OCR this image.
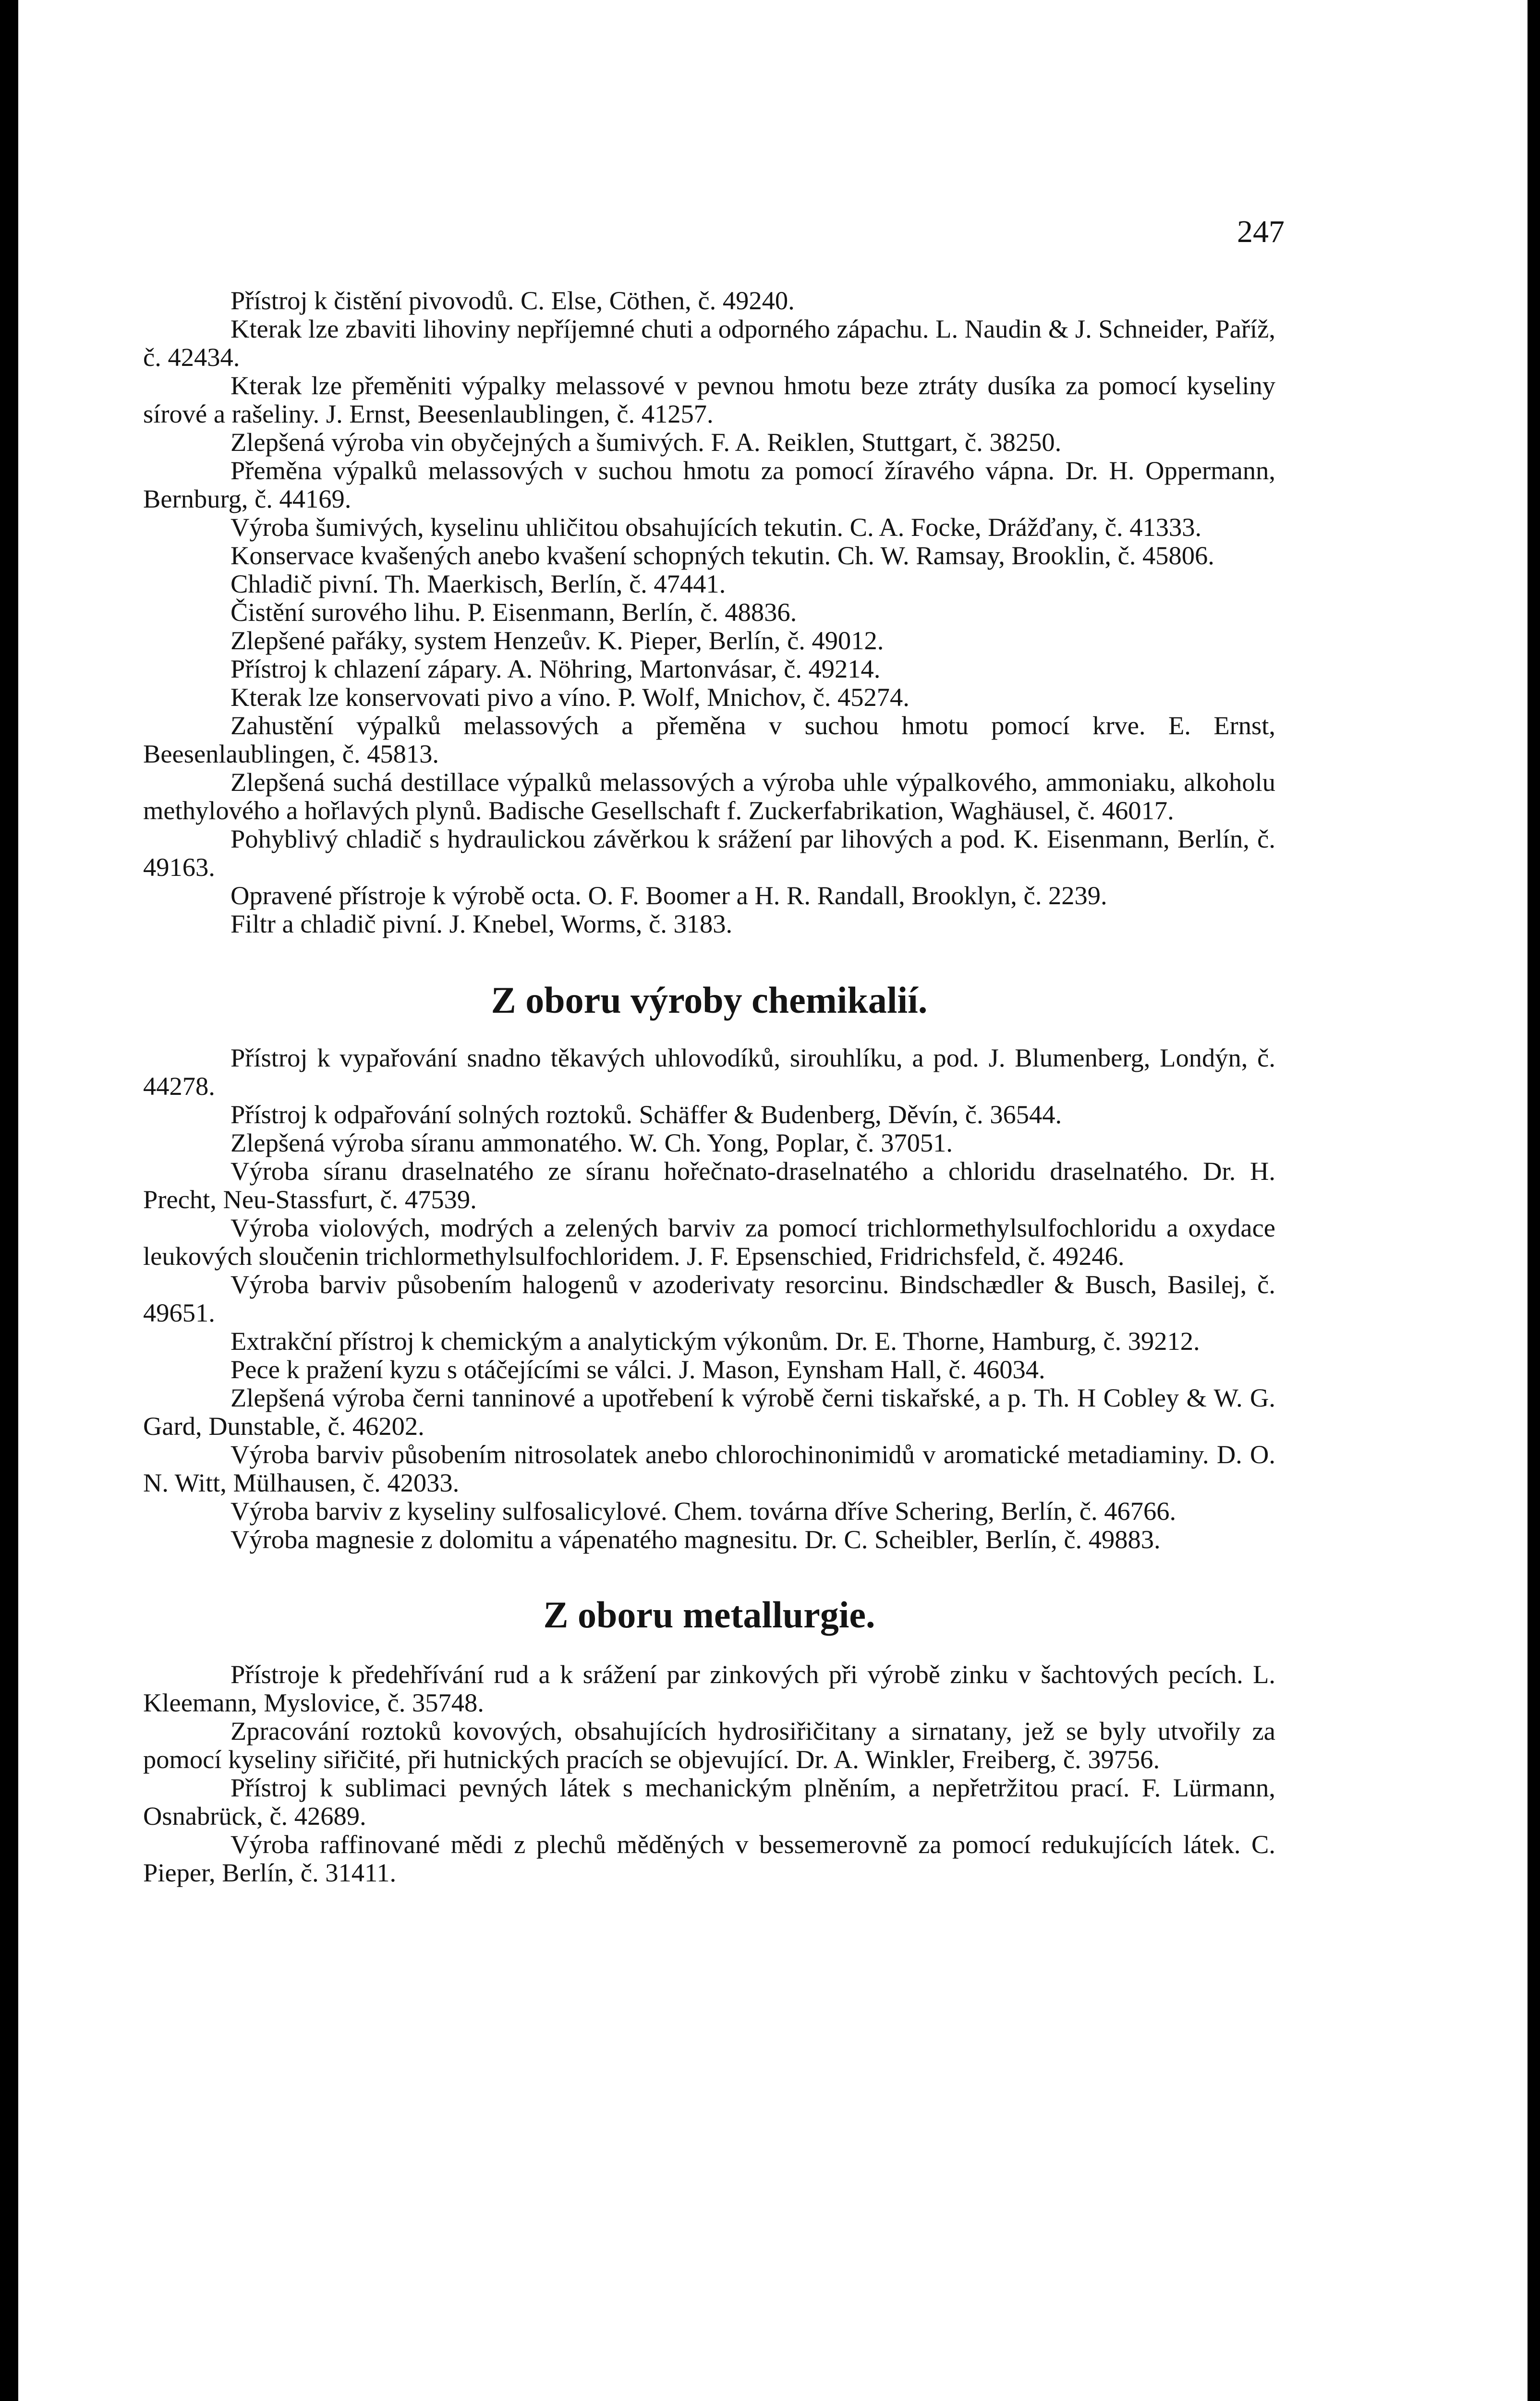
247

Přístroj k čistění pivovodů. C. Else, Cöthen, č. 49240.

Kterak lze zbaviti lihoviny nepříjemné chuti a odporného zápachu. L. Naudin & J. Schneider, Paříž, č. 42434.

Kterak lze přeměniti výpalky melassové v pevnou hmotu beze ztráty dusíka za pomocí kyseliny sírové a rašeliny. J. Ernst, Beesenlaublingen, č. 41257.

Zlepšená výroba vin obyčejných a šumivých. F. A. Reiklen, Stuttgart, č. 38250.

Přeměna výpalků melassových v suchou hmotu za pomocí žíravého vápna. Dr. H. Oppermann, Bernburg, č. 44169.

Výroba šumivých, kyselinu uhličitou obsahujících tekutin. C. A. Focke, Drážďany, č. 41333.

Konservace kvašených anebo kvašení schopných tekutin. Ch. W. Ramsay, Brooklin, č. 45806.

Chladič pivní. Th. Maerkisch, Berlín, č. 47441.

Čistění surového lihu. P. Eisenmann, Berlín, č. 48836.

Zlepšené pařáky, system Henzeův. K. Pieper, Berlín, č. 49012.

Přístroj k chlazení zápary. A. Nöhring, Martonvásar, č. 49214.

Kterak lze konservovati pivo a víno. P. Wolf, Mnichov, č. 45274.

Zahustění výpalků melassových a přeměna v suchou hmotu pomocí krve. E. Ernst, Beesenlaublingen, č. 45813.

Zlepšená suchá destillace výpalků melassových a výroba uhle výpalkového, ammoniaku, alkoholu methylového a hořlavých plynů. Badische Gesellschaft f. Zuckerfabrikation, Waghäusel, č. 46017.

Pohyblivý chladič s hydraulickou závěrkou k srážení par lihových a pod. K. Eisenmann, Berlín, č. 49163.

Opravené přístroje k výrobě octa. O. F. Boomer a H. R. Randall, Brooklyn, č. 2239.

Filtr a chladič pivní. J. Knebel, Worms, č. 3183.

Z oboru výroby chemikalií.

Přístroj k vypařování snadno těkavých uhlovodíků, sirouhlíku, a pod. J. Blumenberg, Londýn, č. 44278.

Přístroj k odpařování solných roztoků. Schäffer & Budenberg, Děvín, č. 36544.

Zlepšená výroba síranu ammonatého. W. Ch. Yong, Poplar, č. 37051.

Výroba síranu draselnatého ze síranu hořečnato-draselnatého a chloridu draselnatého. Dr. H. Precht, Neu-Stassfurt, č. 47539.

Výroba violových, modrých a zelených barviv za pomocí trichlormethylsulfochloridu a oxydace leukových sloučenin trichlormethylsulfochloridem. J. F. Epsenschied, Fridrichsfeld, č. 49246.

Výroba barviv působením halogenů v azoderivaty resorcinu. Bindschædler & Busch, Basilej, č. 49651.

Extrakční přístroj k chemickým a analytickým výkonům. Dr. E. Thorne, Hamburg, č. 39212.

Pece k pražení kyzu s otáčejícími se válci. J. Mason, Eynsham Hall, č. 46034.

Zlepšená výroba černi tanninové a upotřebení k výrobě černi tiskařské, a p. Th. H Cobley & W. G. Gard, Dunstable, č. 46202.

Výroba barviv působením nitrosolatek anebo chlorochinonimidů v aromatické metadiaminy. D. O. N. Witt, Mülhausen, č. 42033.

Výroba barviv z kyseliny sulfosalicylové. Chem. továrna dříve Schering, Berlín, č. 46766.

Výroba magnesie z dolomitu a vápenatého magnesitu. Dr. C. Scheibler, Berlín, č. 49883.

Z oboru metallurgie.

Přístroje k předehřívání rud a k srážení par zinkových při výrobě zinku v šachtových pecích. L. Kleemann, Myslovice, č. 35748.

Zpracování roztoků kovových, obsahujících hydrosiřičitany a sirnatany, jež se byly utvořily za pomocí kyseliny siřičité, při hutnických pracích se objevující. Dr. A. Winkler, Freiberg, č. 39756.

Přístroj k sublimaci pevných látek s mechanickým plněním, a nepřetržitou prací. F. Lürmann, Osnabrück, č. 42689.

Výroba raffinované mědi z plechů měděných v bessemerovně za pomocí redukujících látek. C. Pieper, Berlín, č. 31411.
